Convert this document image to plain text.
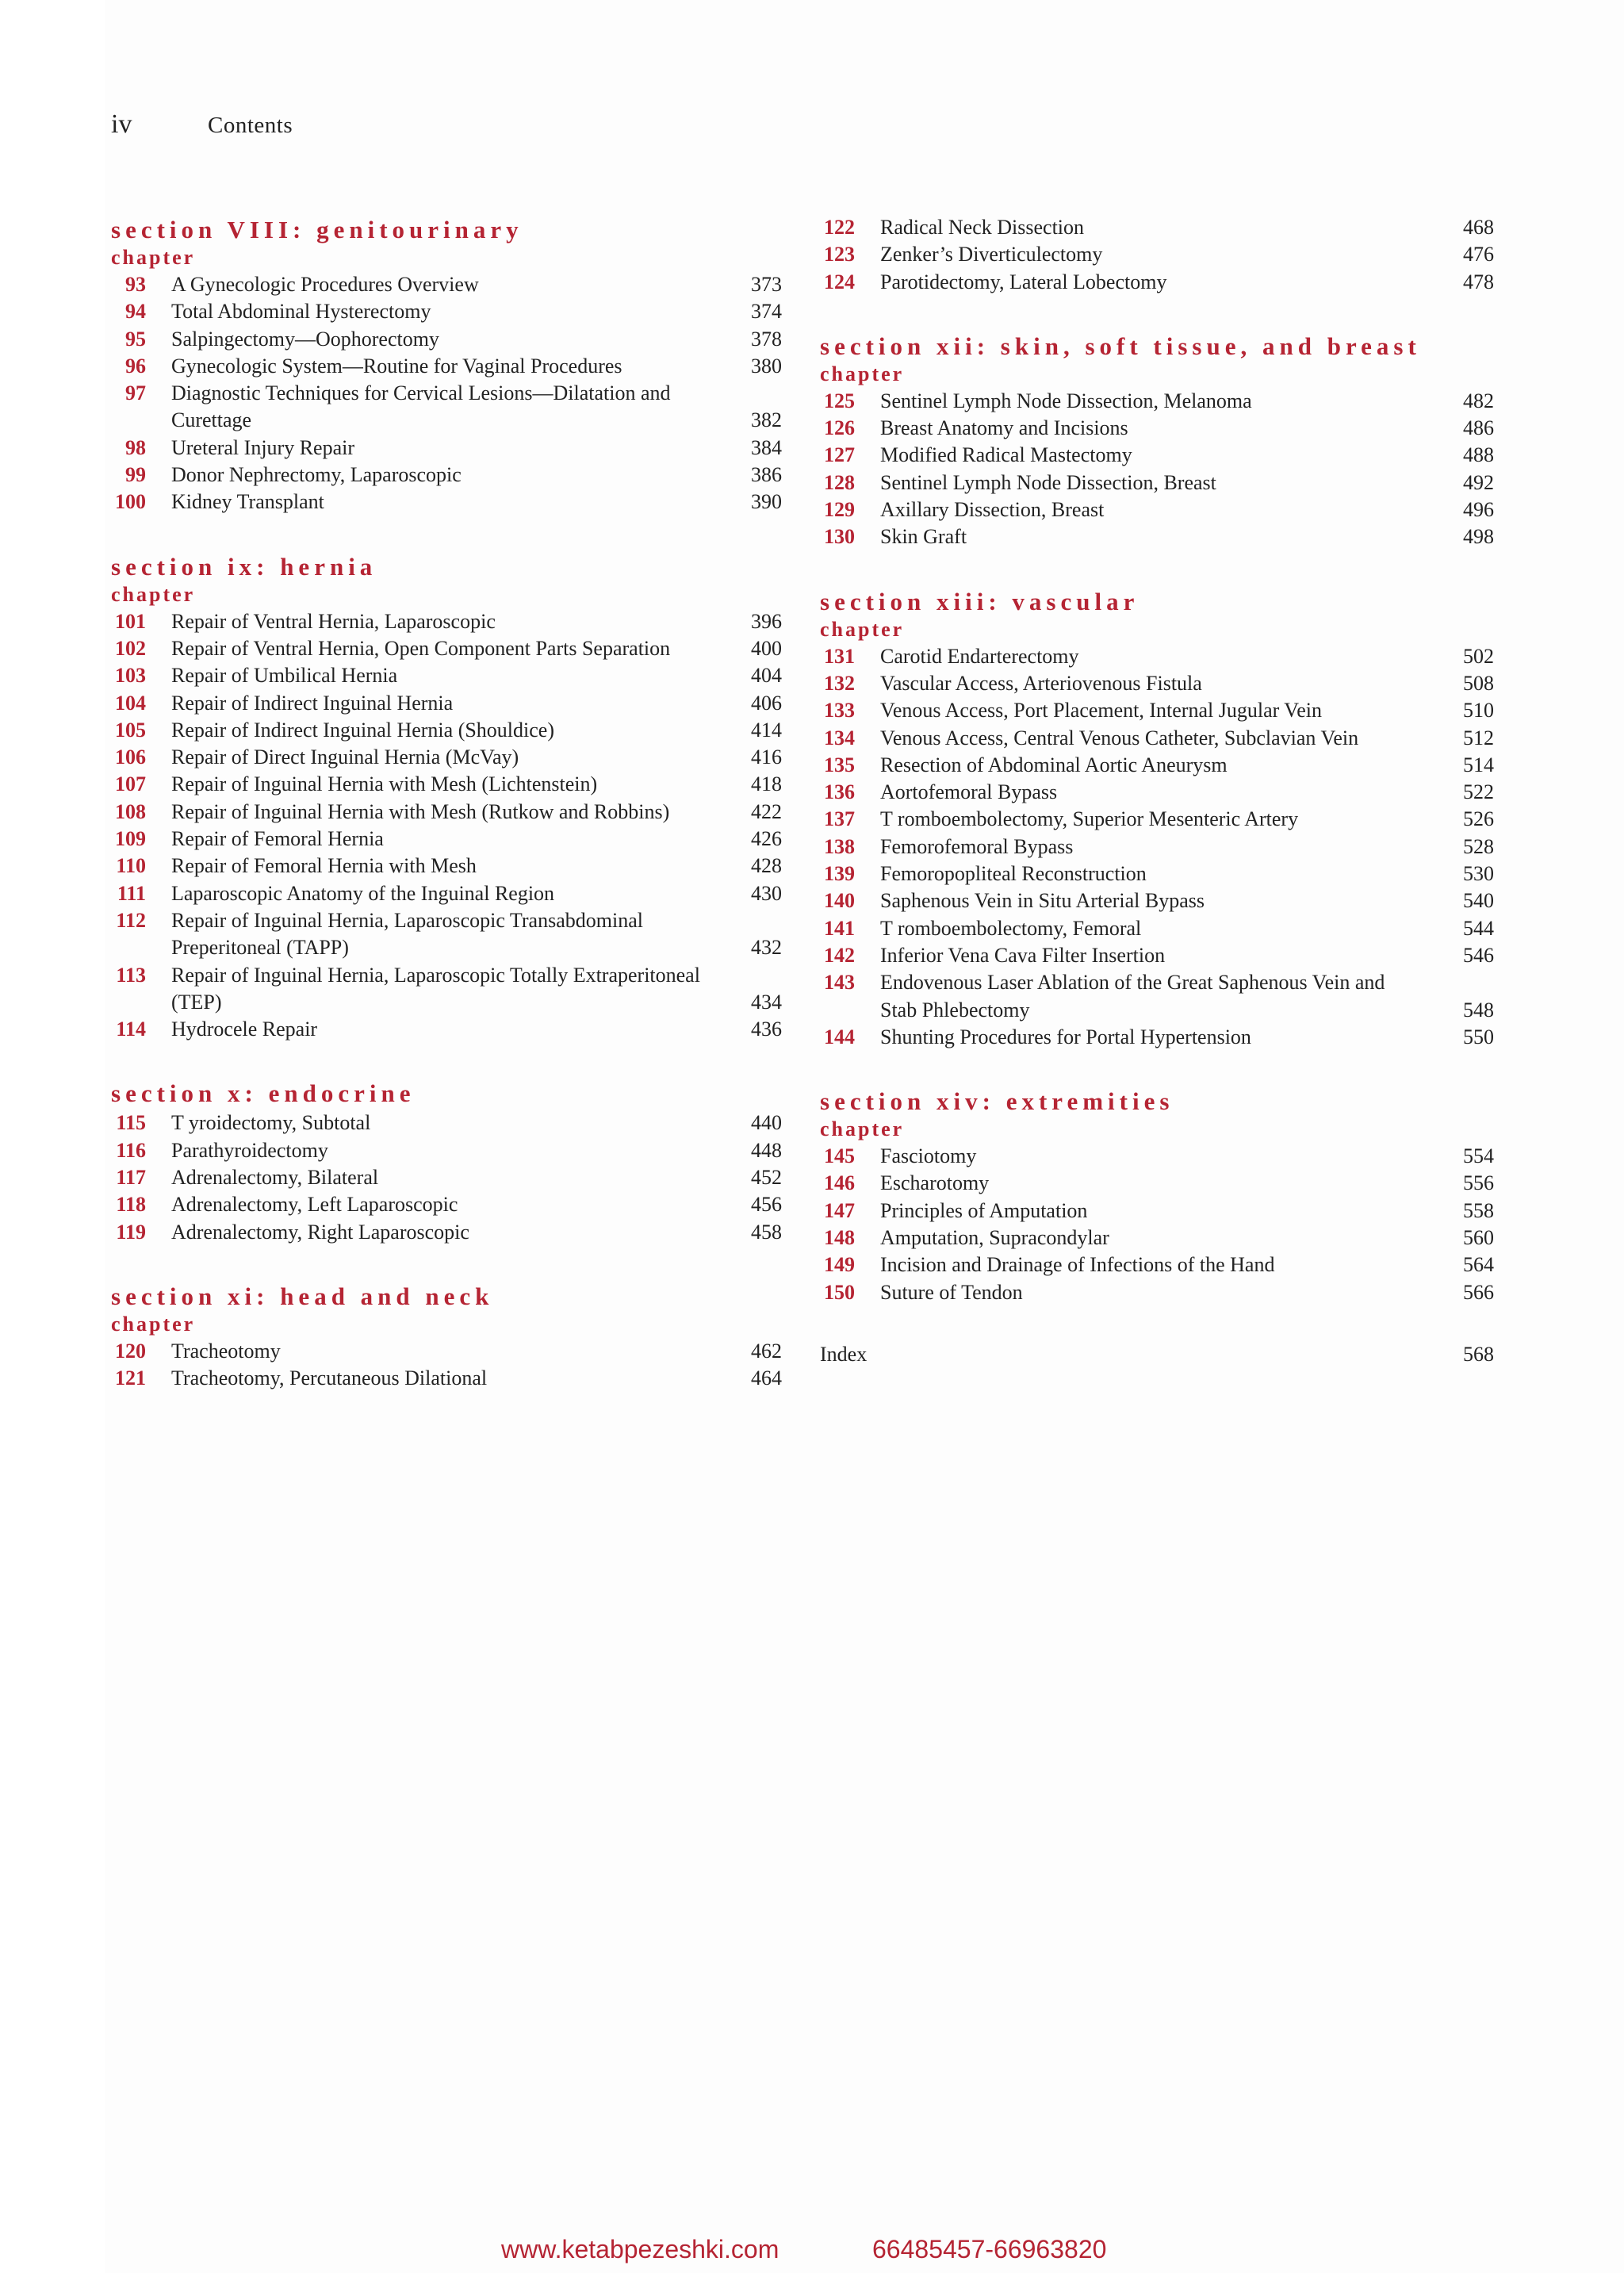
iv	Contents
section VIII: genitourinary
chapter
93	A Gynecologic Procedures Overview	373
94	Total Abdominal Hysterectomy	374
95	Salpingectomy—Oophorectomy	378
96	Gynecologic System—Routine for Vaginal Procedures	380
97	Diagnostic Techniques for Cervical Lesions—Dilatation and Curettage	382
98	Ureteral Injury Repair	384
99	Donor Nephrectomy, Laparoscopic	386
100	Kidney Transplant	390
section ix: hernia
chapter
101	Repair of Ventral Hernia, Laparoscopic	396
102	Repair of Ventral Hernia, Open Component Parts Separation	400
103	Repair of Umbilical Hernia	404
104	Repair of Indirect Inguinal Hernia	406
105	Repair of Indirect Inguinal Hernia (Shouldice)	414
106	Repair of Direct Inguinal Hernia (McVay)	416
107	Repair of Inguinal Hernia with Mesh (Lichtenstein)	418
108	Repair of Inguinal Hernia with Mesh (Rutkow and Robbins)	422
109	Repair of Femoral Hernia	426
110	Repair of Femoral Hernia with Mesh	428
111	Laparoscopic Anatomy of the Inguinal Region	430
112	Repair of Inguinal Hernia, Laparoscopic Transabdominal Preperitoneal (TAPP)	432
113	Repair of Inguinal Hernia, Laparoscopic Totally Extraperitoneal (TEP)	434
114	Hydrocele Repair	436
section x: endocrine
115	T yroidectomy, Subtotal	440
116	Parathyroidectomy	448
117	Adrenalectomy, Bilateral	452
118	Adrenalectomy, Left Laparoscopic	456
119	Adrenalectomy, Right Laparoscopic	458
section xi: head and neck
chapter
120	Tracheotomy	462
121	Tracheotomy, Percutaneous Dilational	464
122	Radical Neck Dissection	468
123	Zenker’s Diverticulectomy	476
124	Parotidectomy, Lateral Lobectomy	478
section xii: skin, soft tissue, and breast
chapter
125	Sentinel Lymph Node Dissection, Melanoma	482
126	Breast Anatomy and Incisions	486
127	Modified Radical Mastectomy	488
128	Sentinel Lymph Node Dissection, Breast	492
129	Axillary Dissection, Breast	496
130	Skin Graft	498
section xiii: vascular
chapter
131	Carotid Endarterectomy	502
132	Vascular Access, Arteriovenous Fistula	508
133	Venous Access, Port Placement, Internal Jugular Vein	510
134	Venous Access, Central Venous Catheter, Subclavian Vein	512
135	Resection of Abdominal Aortic Aneurysm	514
136	Aortofemoral Bypass	522
137	T romboembolectomy, Superior Mesenteric Artery	526
138	Femorofemoral Bypass	528
139	Femoropopliteal Reconstruction	530
140	Saphenous Vein in Situ Arterial Bypass	540
141	T romboembolectomy, Femoral	544
142	Inferior Vena Cava Filter Insertion	546
143	Endovenous Laser Ablation of the Great Saphenous Vein and Stab Phlebectomy	548
144	Shunting Procedures for Portal Hypertension	550
section xiv: extremities
chapter
145	Fasciotomy	554
146	Escharotomy	556
147	Principles of Amputation	558
148	Amputation, Supracondylar	560
149	Incision and Drainage of Infections of the Hand	564
150	Suture of Tendon	566
Index	568
www.ketabpezeshki.com	66485457-66963820
